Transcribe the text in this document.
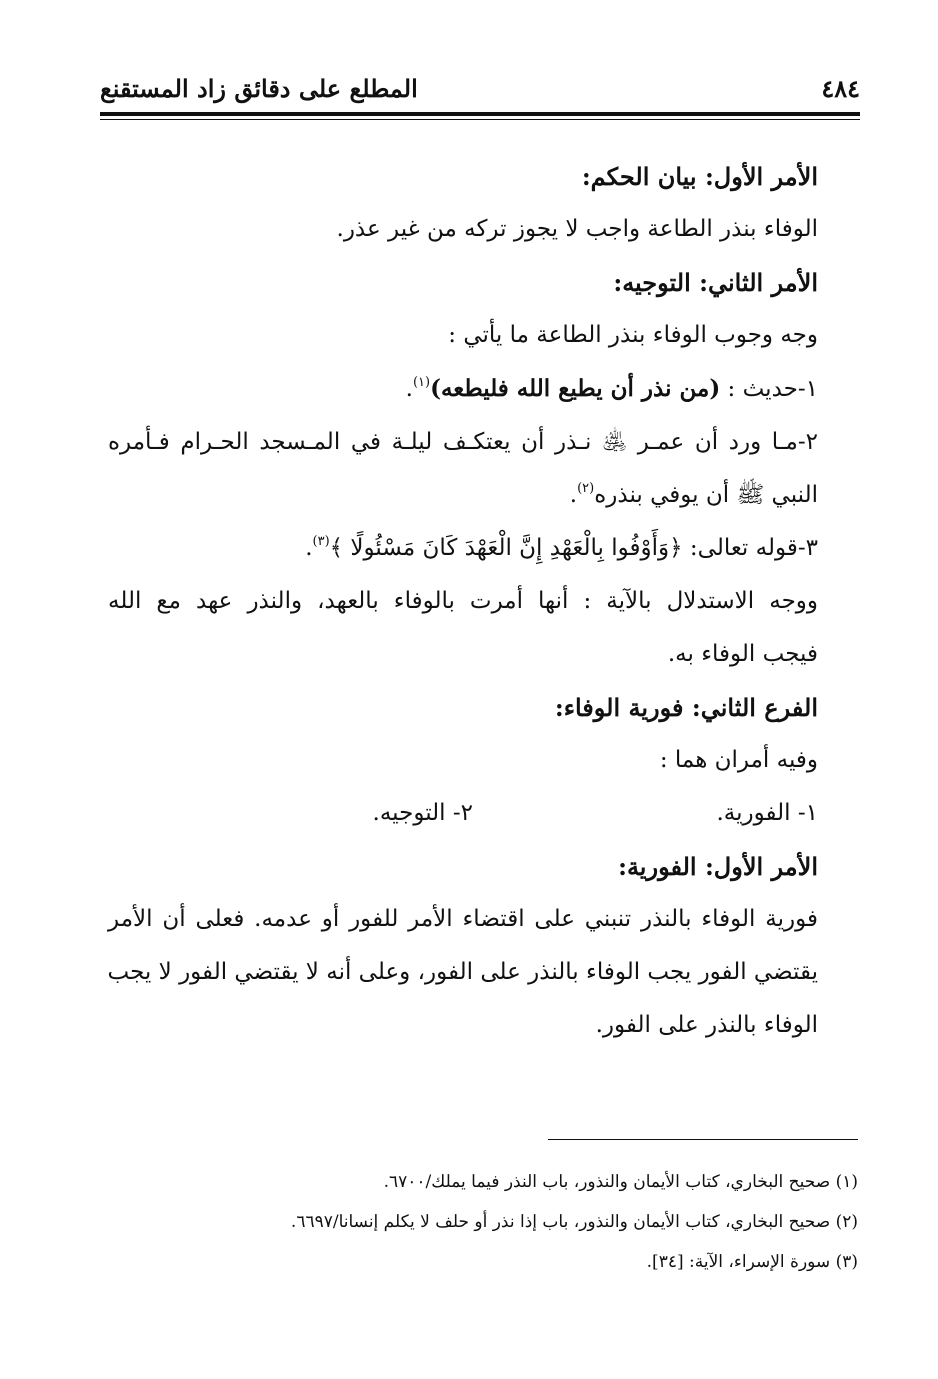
٤٨٤
المطلع على دقائق زاد المستقنع
الأمر الأول: بيان الحكم:
الوفاء بنذر الطاعة واجب لا يجوز تركه من غير عذر.
الأمر الثاني: التوجيه:
وجه وجوب الوفاء بنذر الطاعة ما يأتي :
١-حديث : (من نذر أن يطيع الله فليطعه)$^{(١)}$.
٢-مـا ورد أن عمـر ﵁ نـذر أن يعتكـف ليلـة في المـسجد الحـرام فـأمره
النبي ﷺ أن يوفي بنذره$^{(٢)}$.
٣-قوله تعالى: ﴿وَأَوْفُوا بِالْعَهْدِ إِنَّ الْعَهْدَ كَانَ مَسْئُولًا ﴾$^{(٣)}$.
ووجه الاستدلال بالآية : أنها أمرت بالوفاء بالعهد، والنذر عهد مع الله
فيجب الوفاء به.
الفرع الثاني: فورية الوفاء:
وفيه أمران هما :
١- الفورية.
٢- التوجيه.
الأمر الأول: الفورية:
فورية الوفاء بالنذر تنبني على اقتضاء الأمر للفور أو عدمه. فعلى أن الأمر
يقتضي الفور يجب الوفاء بالنذر على الفور، وعلى أنه لا يقتضي الفور لا يجب
الوفاء بالنذر على الفور.
(١) صحيح البخاري، كتاب الأيمان والنذور، باب النذر فيما يملك/٦٧٠٠.
(٢) صحيح البخاري، كتاب الأيمان والنذور، باب إذا نذر أو حلف لا يكلم إنسانا/٦٦٩٧.
(٣) سورة الإسراء، الآية: [٣٤].
